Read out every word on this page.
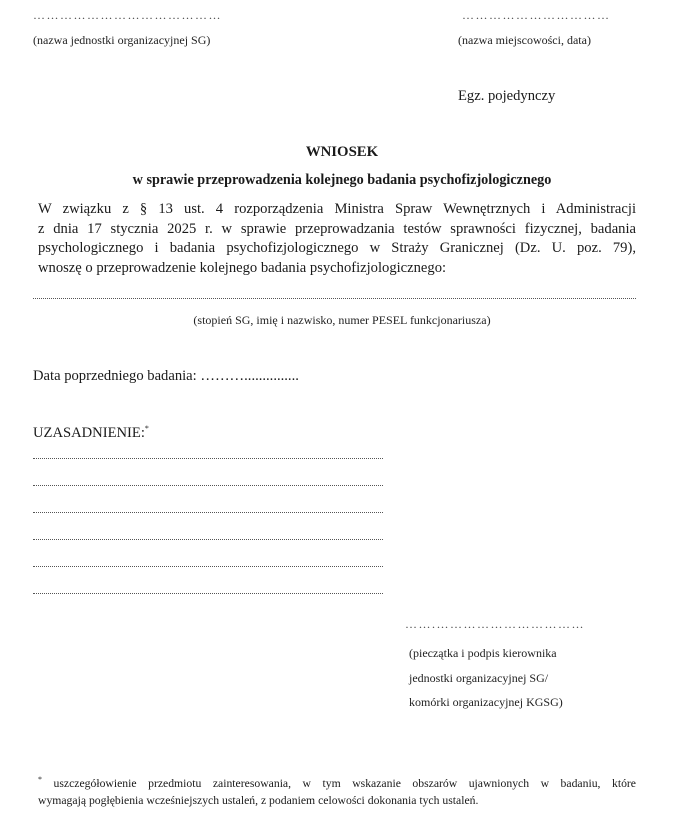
……………………………………
(nazwa jednostki organizacyjnej SG)
……………………………
(nazwa miejscowości, data)
Egz. pojedynczy
WNIOSEK
w sprawie przeprowadzenia kolejnego badania psychofizjologicznego
W związku z § 13 ust. 4 rozporządzenia Ministra Spraw Wewnętrznych i Administracji
z dnia 17 stycznia 2025 r. w sprawie przeprowadzania testów sprawności fizycznej, badania
psychologicznego i badania psychofizjologicznego w Straży Granicznej (Dz. U. poz. 79),
wnoszę o przeprowadzenie kolejnego badania psychofizjologicznego:
(stopień SG, imię i nazwisko, numer PESEL funkcjonariusza)
Data poprzedniego badania: ………...............
UZASADNIENIE:*
…….……………………………
(pieczątka i podpis kierownika
jednostki organizacyjnej SG/
komórki organizacyjnej KGSG)
* uszczegółowienie przedmiotu zainteresowania, w tym wskazanie obszarów ujawnionych w badaniu, które
wymagają pogłębienia wcześniejszych ustaleń, z podaniem celowości dokonania tych ustaleń.
